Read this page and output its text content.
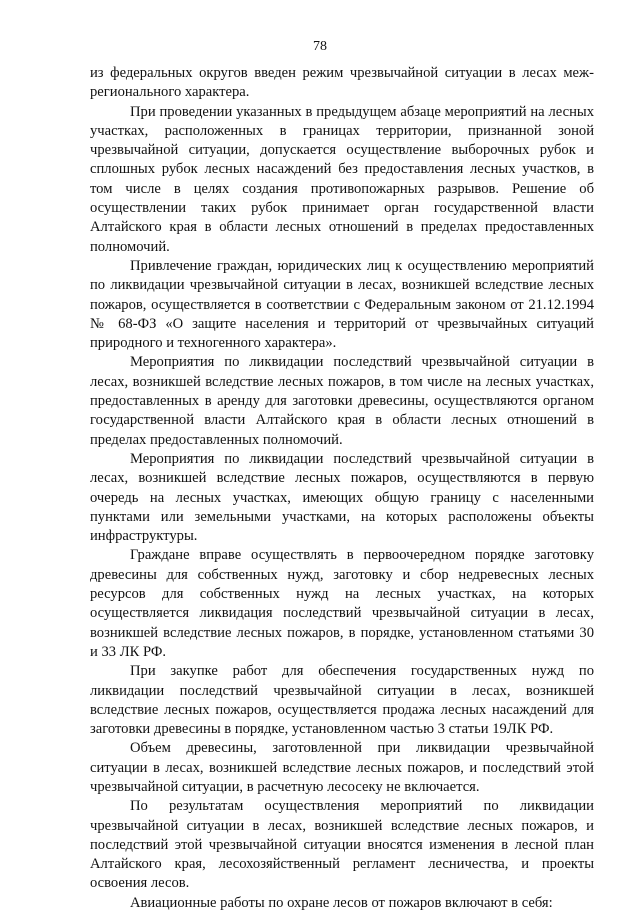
78

из федеральных округов введен режим чрезвычайной ситуации в лесах межрегионального характера.

При проведении указанных в предыдущем абзаце мероприятий на лесных участках, расположенных в границах территории, признанной зоной чрезвычайной ситуации, допускается осуществление выборочных рубок и сплошных рубок лесных насаждений без предоставления лесных участков, в том числе в целях создания противопожарных разрывов. Решение об осуществлении таких рубок принимает орган государственной власти Алтайского края в области лесных отношений в пределах предоставленных полномочий.

Привлечение граждан, юридических лиц к осуществлению мероприятий по ликвидации чрезвычайной ситуации в лесах, возникшей вследствие лесных пожаров, осуществляется в соответствии с Федеральным законом от 21.12.1994 № 68-ФЗ «О защите населения и территорий от чрезвычайных ситуаций природного и техногенного характера».

Мероприятия по ликвидации последствий чрезвычайной ситуации в лесах, возникшей вследствие лесных пожаров, в том числе на лесных участках, предоставленных в аренду для заготовки древесины, осуществляются органом государственной власти Алтайского края в области лесных отношений в пределах предоставленных полномочий.

Мероприятия по ликвидации последствий чрезвычайной ситуации в лесах, возникшей вследствие лесных пожаров, осуществляются в первую очередь на лесных участках, имеющих общую границу с населенными пунктами или земельными участками, на которых расположены объекты инфраструктуры.

Граждане вправе осуществлять в первоочередном порядке заготовку древесины для собственных нужд, заготовку и сбор недревесных лесных ресурсов для собственных нужд на лесных участках, на которых осуществляется ликвидация последствий чрезвычайной ситуации в лесах, возникшей вследствие лесных пожаров, в порядке, установленном статьями 30 и 33 ЛК РФ.

При закупке работ для обеспечения государственных нужд по ликвидации последствий чрезвычайной ситуации в лесах, возникшей вследствие лесных пожаров, осуществляется продажа лесных насаждений для заготовки древесины в порядке, установленном частью 3 статьи 19ЛК РФ.

Объем древесины, заготовленной при ликвидации чрезвычайной ситуации в лесах, возникшей вследствие лесных пожаров, и последствий этой чрезвычайной ситуации, в расчетную лесосеку не включается.

По результатам осуществления мероприятий по ликвидации чрезвычайной ситуации в лесах, возникшей вследствие лесных пожаров, и последствий этой чрезвычайной ситуации вносятся изменения в лесной план Алтайского края, лесохозяйственный регламент лесничества, и проекты освоения лесов.

Авиационные работы по охране лесов от пожаров включают в себя:
